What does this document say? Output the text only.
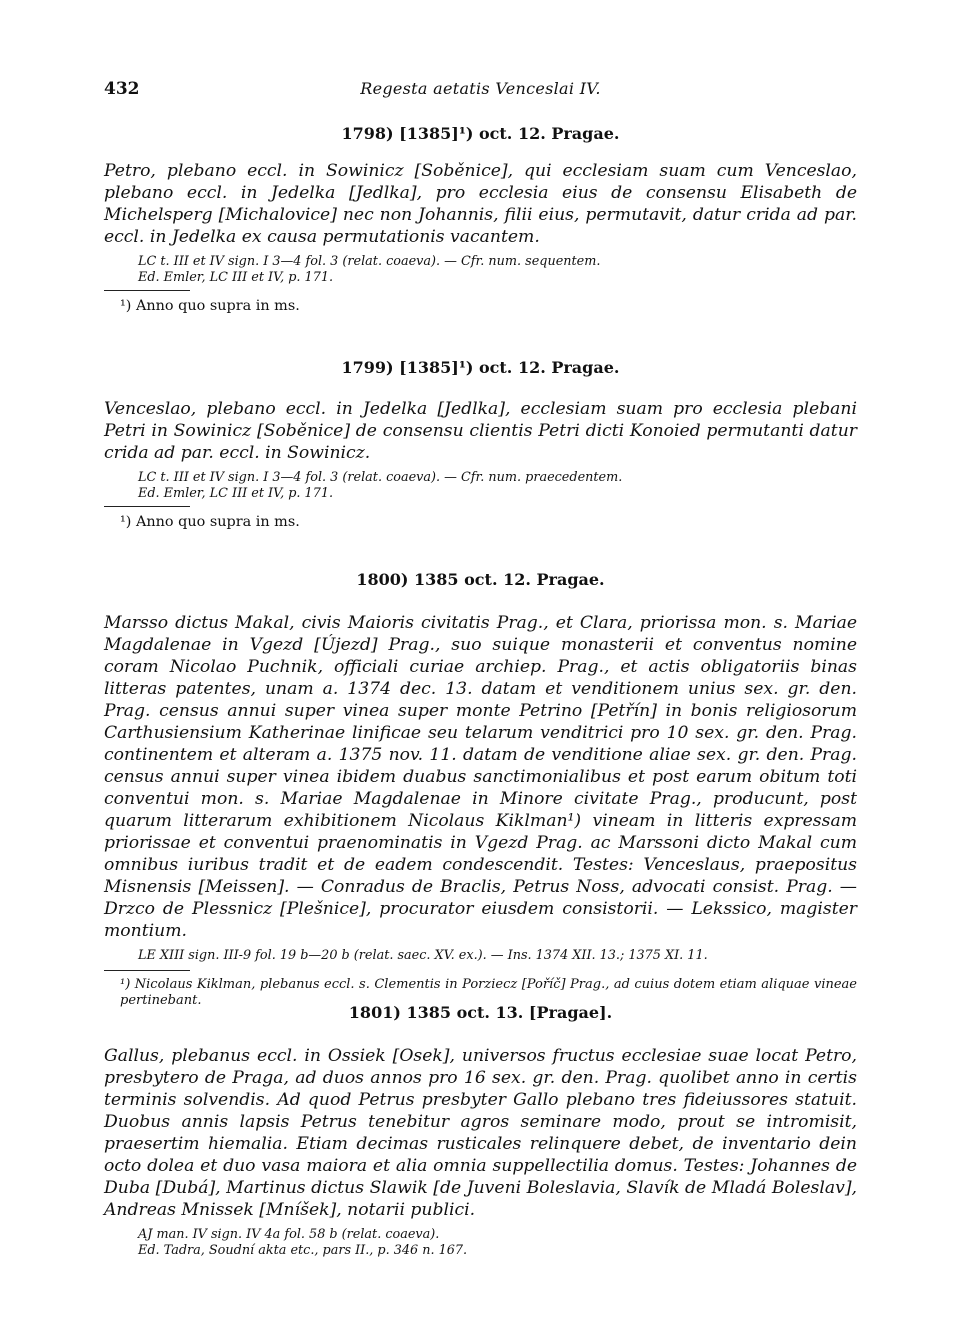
432	Regesta aetatis Venceslai IV.
1798) [1385]¹) oct. 12. Pragae.
Petro, plebano eccl. in Sowinicz [Soběnice], qui ecclesiam suam cum Venceslao, plebano eccl. in Jedelka [Jedlka], pro ecclesia eius de consensu Elisabeth de Michelsperg [Michalovice] nec non Johannis, filii eius, permutavit, datur crida ad par. eccl. in Jedelka ex causa permutationis vacantem.
LC t. III et IV sign. I 3—4 fol. 3 (relat. coaeva). — Cfr. num. sequentem.
Ed. Emler, LC III et IV, p. 171.
¹) Anno quo supra in ms.
1799) [1385]¹) oct. 12. Pragae.
Venceslao, plebano eccl. in Jedelka [Jedlka], ecclesiam suam pro ecclesia plebani Petri in Sowinicz [Soběnice] de consensu clientis Petri dicti Konoied permutanti datur crida ad par. eccl. in Sowinicz.
LC t. III et IV sign. I 3—4 fol. 3 (relat. coaeva). — Cfr. num. praecedentem.
Ed. Emler, LC III et IV, p. 171.
¹) Anno quo supra in ms.
1800) 1385 oct. 12. Pragae.
Marsso dictus Makal, civis Maioris civitatis Prag., et Clara, priorissa mon. s. Mariae Magdalenae in Vgezd [Újezd] Prag., suo suique monasterii et conventus nomine coram Nicolao Puchnik, officiali curiae archiep. Prag., et actis obligatoriis binas litteras patentes, unam a. 1374 dec. 13. datam et venditionem unius sex. gr. den. Prag. census annui super vinea super monte Petrino [Petřín] in bonis religiosorum Carthusiensium Katherinae linificae seu telarum venditrici pro 10 sex. gr. den. Prag. continentem et alteram a. 1375 nov. 11. datam de venditione aliae sex. gr. den. Prag. census annui super vinea ibidem duabus sanctimonialibus et post earum obitum toti conventui mon. s. Mariae Magdalenae in Minore civitate Prag., producunt, post quarum litterarum exhibitionem Nicolaus Kiklman¹) vineam in litteris expressam priorissae et conventui praenominatis in Vgezd Prag. ac Marssoni dicto Makal cum omnibus iuribus tradit et de eadem condescendit. Testes: Venceslaus, praepositus Misnensis [Meissen]. — Conradus de Braclis, Petrus Noss, advocati consist. Prag. — Drzco de Plessnicz [Plešnice], procurator eiusdem consistorii. — Lekssico, magister montium.
LE XIII sign. III-9 fol. 19 b—20 b (relat. saec. XV. ex.). — Ins. 1374 XII. 13.; 1375 XI. 11.
¹) Nicolaus Kiklman, plebanus eccl. s. Clementis in Porziecz [Poříč] Prag., ad cuius dotem etiam aliquae vineae pertinebant.
1801) 1385 oct. 13. [Pragae].
Gallus, plebanus eccl. in Ossiek [Osek], universos fructus ecclesiae suae locat Petro, presbytero de Praga, ad duos annos pro 16 sex. gr. den. Prag. quolibet anno in certis terminis solvendis. Ad quod Petrus presbyter Gallo plebano tres fideiussores statuit. Duobus annis lapsis Petrus tenebitur agros seminare modo, prout se intromisit, praesertim hiemalia. Etiam decimas rusticales relinquere debet, de inventario dein octo dolea et duo vasa maiora et alia omnia suppellectilia domus. Testes: Johannes de Duba [Dubá], Martinus dictus Slawik [de Juveni Boleslavia, Slavík de Mladá Boleslav], Andreas Mnissek [Mníšek], notarii publici.
AJ man. IV sign. IV 4a fol. 58 b (relat. coaeva).
Ed. Tadra, Soudní akta etc., pars II., p. 346 n. 167.
